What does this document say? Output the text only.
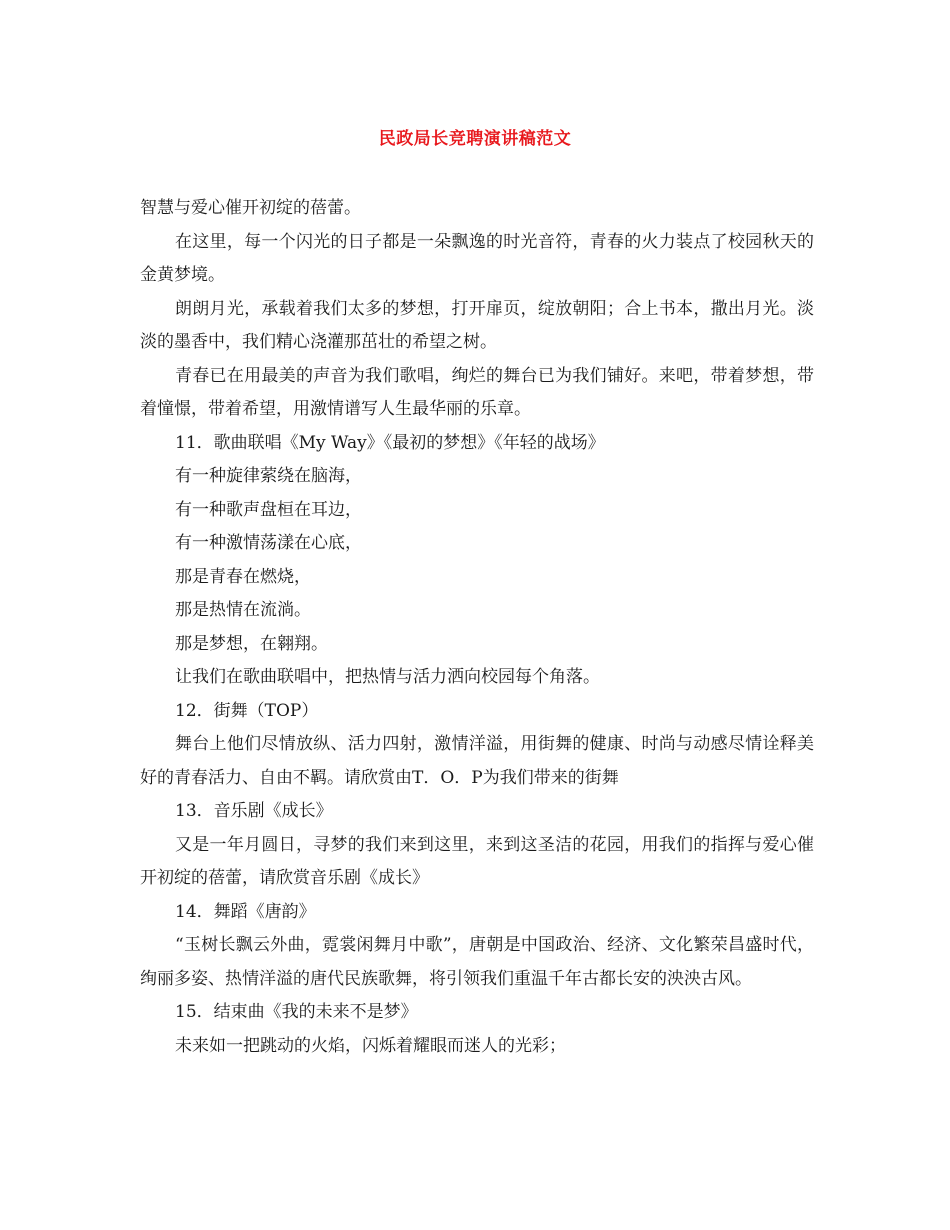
民政局长竞聘演讲稿范文

智慧与爱心催开初绽的蓓蕾。

在这里，每一个闪光的日子都是一朵飘逸的时光音符，青春的火力装点了校园秋天的金黄梦境。

朗朗月光，承载着我们太多的梦想，打开扉页，绽放朝阳；合上书本，撒出月光。淡淡的墨香中，我们精心浇灌那茁壮的希望之树。

青春已在用最美的声音为我们歌唱，绚烂的舞台已为我们铺好。来吧，带着梦想，带着憧憬，带着希望，用激情谱写人生最华丽的乐章。

11．歌曲联唱《My Way》《最初的梦想》《年轻的战场》

有一种旋律萦绕在脑海，

有一种歌声盘桓在耳边，

有一种激情荡漾在心底，

那是青春在燃烧，

那是热情在流淌。

那是梦想，在翱翔。

让我们在歌曲联唱中，把热情与活力洒向校园每个角落。

12．街舞（TOP）

舞台上他们尽情放纵、活力四射，激情洋溢，用街舞的健康、时尚与动感尽情诠释美好的青春活力、自由不羁。请欣赏由T．O．P为我们带来的街舞

13．音乐剧《成长》

又是一年月圆日，寻梦的我们来到这里，来到这圣洁的花园，用我们的指挥与爱心催开初绽的蓓蕾，请欣赏音乐剧《成长》

14．舞蹈《唐韵》

“玉树长飘云外曲，霓裳闲舞月中歌”，唐朝是中国政治、经济、文化繁荣昌盛时代，绚丽多姿、热情洋溢的唐代民族歌舞，将引领我们重温千年古都长安的泱泱古风。

15．结束曲《我的未来不是梦》

未来如一把跳动的火焰，闪烁着耀眼而迷人的光彩；
